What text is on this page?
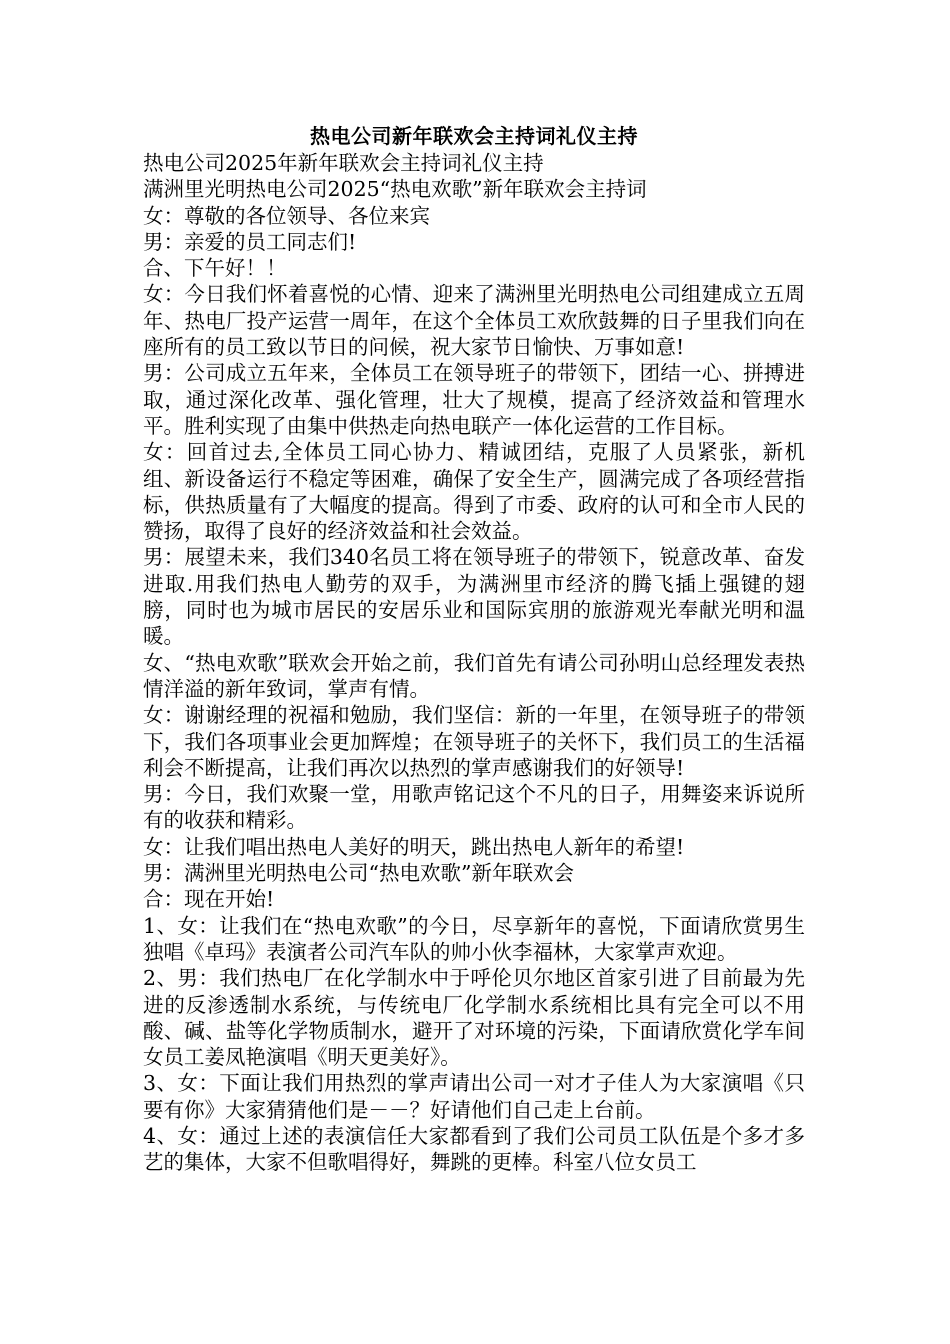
热电公司新年联欢会主持词礼仪主持

热电公司2025年新年联欢会主持词礼仪主持

满洲里光明热电公司2025“热电欢歌”新年联欢会主持词

女：尊敬的各位领导、各位来宾

男：亲爱的员工同志们!

合、下午好！！

女：今日我们怀着喜悦的心情、迎来了满洲里光明热电公司组建成立五周年、热电厂投产运营一周年，在这个全体员工欢欣鼓舞的日子里我们向在座所有的员工致以节日的问候，祝大家节日愉快、万事如意!

男：公司成立五年来，全体员工在领导班子的带领下，团结一心、拼搏进取，通过深化改革、强化管理，壮大了规模，提高了经济效益和管理水平。胜利实现了由集中供热走向热电联产一体化运营的工作目标。

女：回首过去,全体员工同心协力、精诚团结，克服了人员紧张，新机组、新设备运行不稳定等困难，确保了安全生产，圆满完成了各项经营指标，供热质量有了大幅度的提高。得到了市委、政府的认可和全市人民的赞扬，取得了良好的经济效益和社会效益。

男：展望未来，我们340名员工将在领导班子的带领下，锐意改革、奋发进取.用我们热电人勤劳的双手，为满洲里市经济的腾飞插上强键的翅膀，同时也为城市居民的安居乐业和国际宾朋的旅游观光奉献光明和温暖。

女、“热电欢歌”联欢会开始之前，我们首先有请公司孙明山总经理发表热情洋溢的新年致词，掌声有情。

女：谢谢经理的祝福和勉励，我们坚信：新的一年里，在领导班子的带领下，我们各项事业会更加辉煌；在领导班子的关怀下，我们员工的生活福利会不断提高，让我们再次以热烈的掌声感谢我们的好领导!

男：今日，我们欢聚一堂，用歌声铭记这个不凡的日子，用舞姿来诉说所有的收获和精彩。

女：让我们唱出热电人美好的明天，跳出热电人新年的希望!

男：满洲里光明热电公司“热电欢歌”新年联欢会

合：现在开始!

1、女：让我们在“热电欢歌”的今日，尽享新年的喜悦，下面请欣赏男生独唱《卓玛》表演者公司汽车队的帅小伙李福林，大家掌声欢迎。

2、男：我们热电厂在化学制水中于呼伦贝尔地区首家引进了目前最为先进的反渗透制水系统，与传统电厂化学制水系统相比具有完全可以不用酸、碱、盐等化学物质制水，避开了对环境的污染，下面请欣赏化学车间女员工姜凤艳演唱《明天更美好》。

3、女：下面让我们用热烈的掌声请出公司一对才子佳人为大家演唱《只要有你》大家猜猜他们是－－？好请他们自己走上台前。

4、女：通过上述的表演信任大家都看到了我们公司员工队伍是个多才多艺的集体，大家不但歌唱得好，舞跳的更棒。科室八位女员工
